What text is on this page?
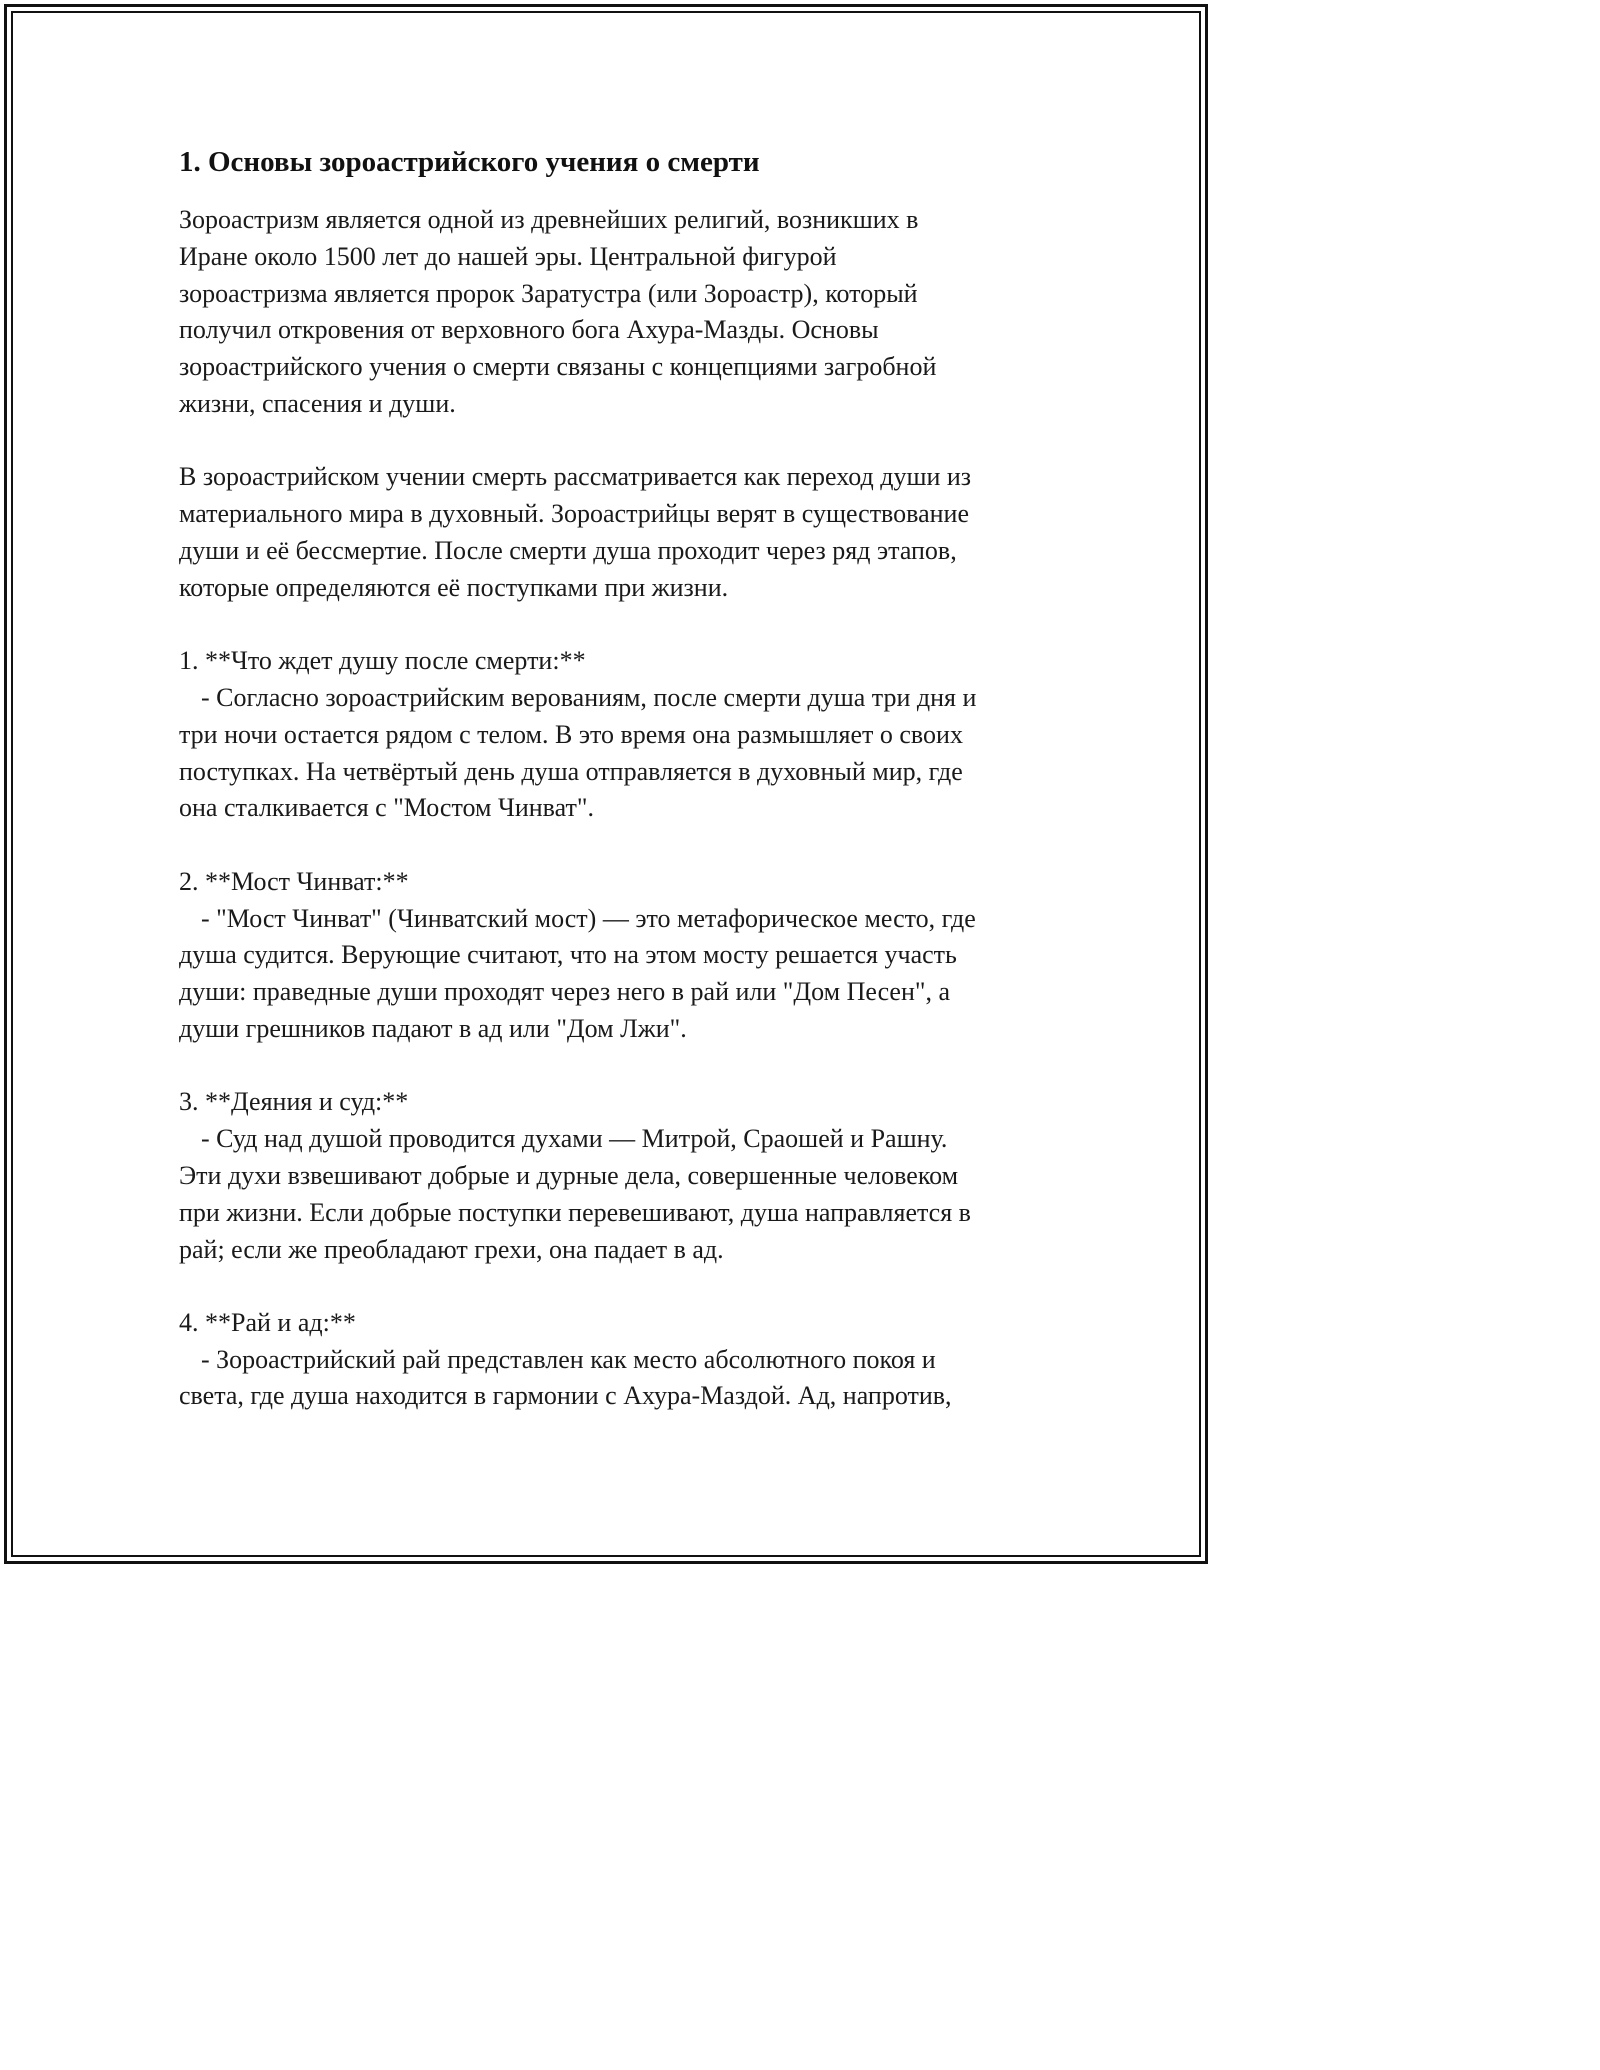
1. Основы зороастрийского учения о смерти

Зороастризм является одной из древнейших религий, возникших в
Иране около 1500 лет до нашей эры. Центральной фигурой
зороастризма является пророк Заратустра (или Зороастр), который
получил откровения от верховного бога Ахура-Мазды. Основы
зороастрийского учения о смерти связаны с концепциями загробной
жизни, спасения и души.

В зороастрийском учении смерть рассматривается как переход души из
материального мира в духовный. Зороастрийцы верят в существование
души и её бессмертие. После смерти душа проходит через ряд этапов,
которые определяются её поступками при жизни.

1. **Что ждет душу после смерти:**

- Согласно зороастрийским верованиям, после смерти душа три дня и
три ночи остается рядом с телом. В это время она размышляет о своих
поступках. На четвёртый день душа отправляется в духовный мир, где
она сталкивается с "Мостом Чинват".

2. **Мост Чинват:**

- "Мост Чинват" (Чинватский мост) — это метафорическое место, где
душа судится. Верующие считают, что на этом мосту решается участь
души: праведные души проходят через него в рай или "Дом Песен", а
души грешников падают в ад или "Дом Лжи".

3. **Деяния и суд:**

- Суд над душой проводится духами — Митрой, Сраошей и Рашну.
Эти духи взвешивают добрые и дурные дела, совершенные человеком
при жизни. Если добрые поступки перевешивают, душа направляется в
рай; если же преобладают грехи, она падает в ад.

4. **Рай и ад:**

- Зороастрийский рай представлен как место абсолютного покоя и
света, где душа находится в гармонии с Ахура-Маздой. Ад, напротив,
